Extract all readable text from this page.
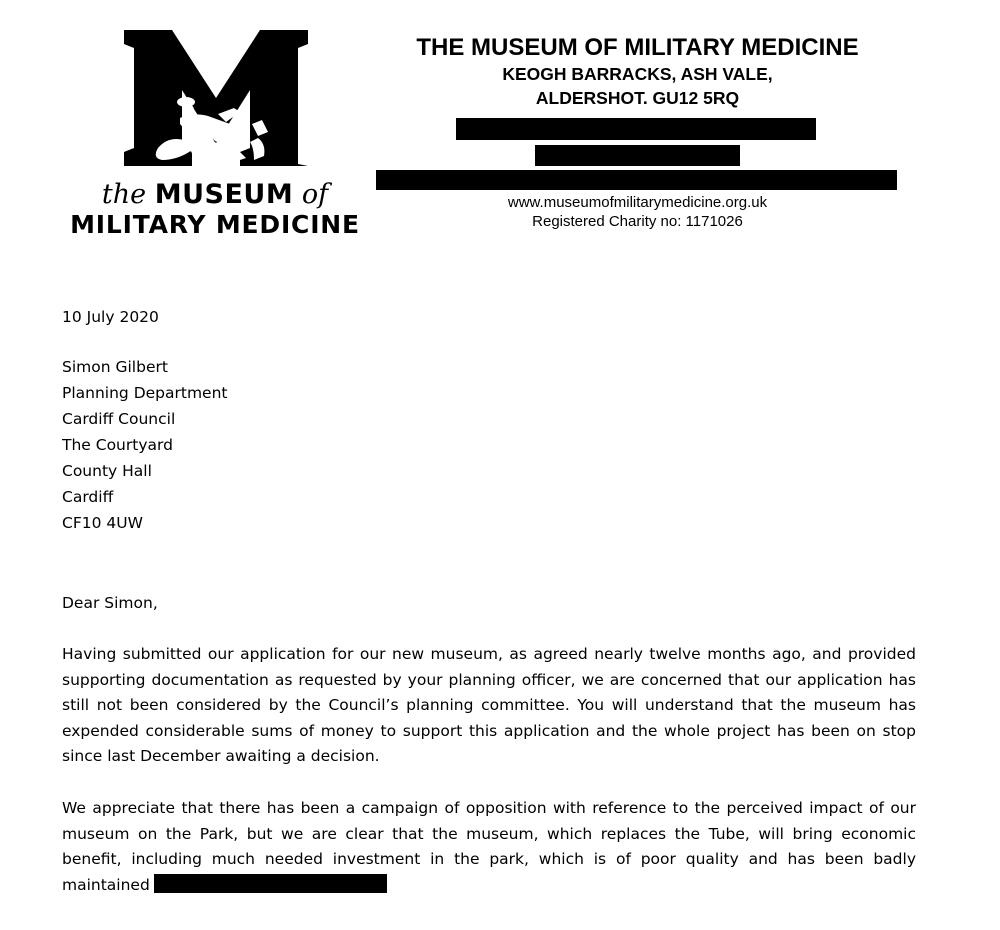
the MUSEUM of
MILITARY MEDICINE
THE MUSEUM OF MILITARY MEDICINE
KEOGH BARRACKS, ASH VALE,
ALDERSHOT. GU12 5RQ
www.museumofmilitarymedicine.org.uk
Registered Charity no: 1171026
10 July 2020
Simon Gilbert
Planning Department
Cardiff Council
The Courtyard
County Hall
Cardiff
CF10 4UW
Dear Simon,
Having submitted our application for our new museum, as agreed nearly twelve months ago, and provided supporting documentation as requested by your planning officer, we are concerned that our application has still not been considered by the Council’s planning committee. You will understand that the museum has expended considerable sums of money to support this application and the whole project has been on stop since last December awaiting a decision.
We appreciate that there has been a campaign of opposition with reference to the perceived impact of our museum on the Park, but we are clear that the museum, which replaces the Tube, will bring economic benefit, including much needed investment in the park, which is of poor quality and has been badly maintained
